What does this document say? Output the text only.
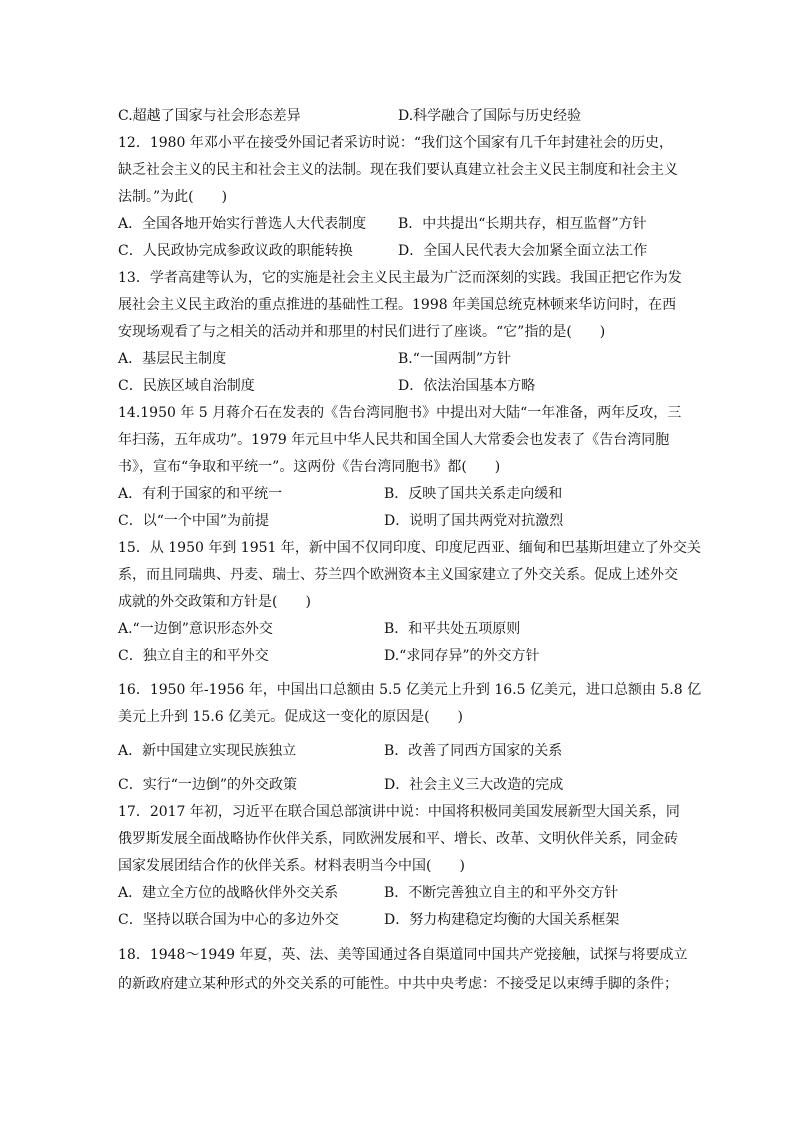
C.超越了国家与社会形态差异	D.科学融合了国际与历史经验
12．1980 年邓小平在接受外国记者采访时说：“我们这个国家有几千年封建社会的历史，
缺乏社会主义的民主和社会主义的法制。现在我们要认真建立社会主义民主制度和社会主义
法制。”为此(　　)
A．全国各地开始实行普选人大代表制度	B．中共提出“长期共存，相互监督”方针
C．人民政协完成参政议政的职能转换	D．全国人民代表大会加紧全面立法工作
13．学者高建等认为，它的实施是社会主义民主最为广泛而深刻的实践。我国正把它作为发
展社会主义民主政治的重点推进的基础性工程。1998 年美国总统克林顿来华访问时，在西
安现场观看了与之相关的活动并和那里的村民们进行了座谈。“它”指的是(　　)
A．基层民主制度	B.“一国两制”方针
C．民族区域自治制度	D．依法治国基本方略
14.1950 年 5 月蒋介石在发表的《告台湾同胞书》中提出对大陆“一年准备，两年反攻，三
年扫荡，五年成功”。1979 年元旦中华人民共和国全国人大常委会也发表了《告台湾同胞
书》，宣布“争取和平统一”。这两份《告台湾同胞书》都(　　)
A．有利于国家的和平统一	B．反映了国共关系走向缓和
C．以“一个中国”为前提	D．说明了国共两党对抗激烈
15．从 1950 年到 1951 年，新中国不仅同印度、印度尼西亚、缅甸和巴基斯坦建立了外交关
系，而且同瑞典、丹麦、瑞士、芬兰四个欧洲资本主义国家建立了外交关系。促成上述外交
成就的外交政策和方针是(　　)
A.“一边倒”意识形态外交	B．和平共处五项原则
C．独立自主的和平外交	D.“求同存异”的外交方针
16．1950 年-1956 年，中国出口总额由 5.5 亿美元上升到 16.5 亿美元，进口总额由 5.8 亿
美元上升到 15.6 亿美元。促成这一变化的原因是(　　)
A．新中国建立实现民族独立	B．改善了同西方国家的关系
C．实行“一边倒”的外交政策	D．社会主义三大改造的完成
17．2017 年初，习近平在联合国总部演讲中说：中国将积极同美国发展新型大国关系，同
俄罗斯发展全面战略协作伙伴关系，同欧洲发展和平、增长、改革、文明伙伴关系，同金砖
国家发展团结合作的伙伴关系。材料表明当今中国(　　)
A．建立全方位的战略伙伴外交关系	B．不断完善独立自主的和平外交方针
C．坚持以联合国为中心的多边外交	D．努力构建稳定均衡的大国关系框架
18．1948～1949 年夏，英、法、美等国通过各自渠道同中国共产党接触，试探与将要成立
的新政府建立某种形式的外交关系的可能性。中共中央考虑：不接受足以束缚手脚的条件；
